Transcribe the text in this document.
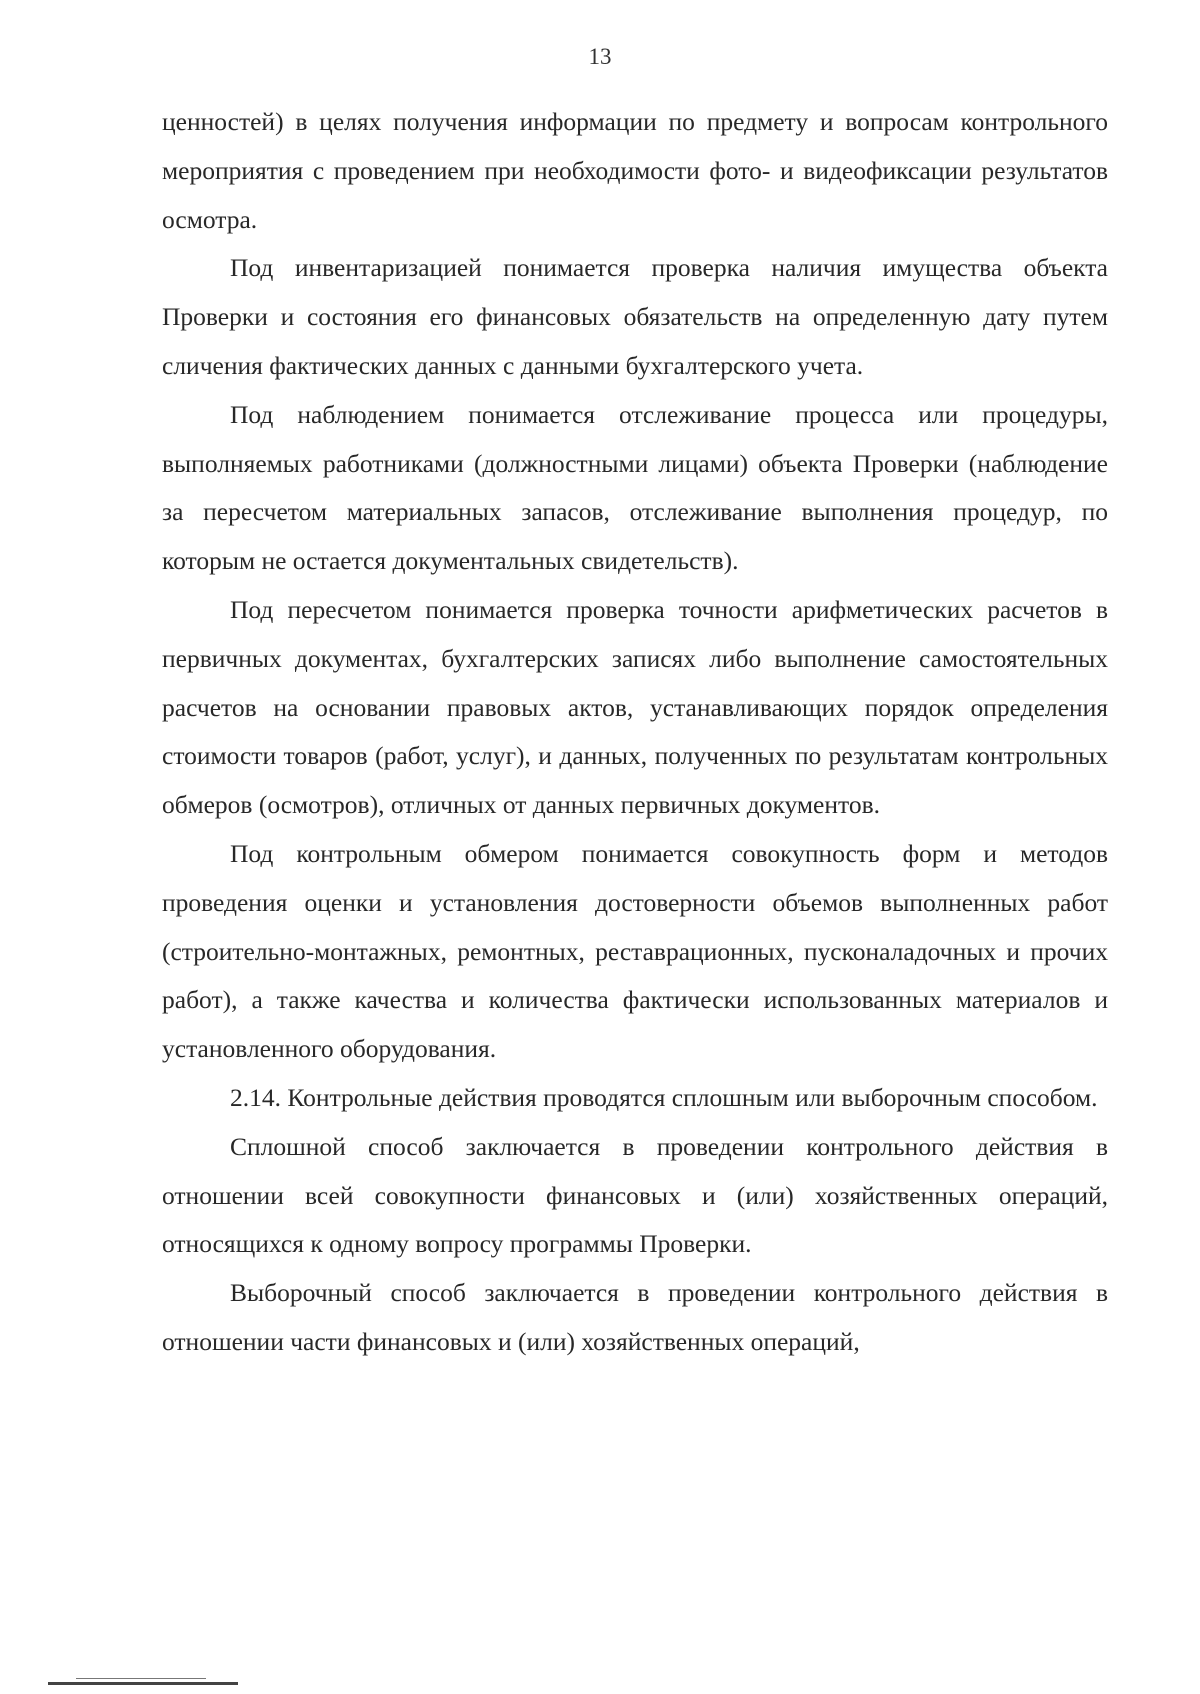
13

ценностей) в целях получения информации по предмету и вопросам контрольного мероприятия с проведением при необходимости фото- и видеофиксации результатов осмотра.

Под инвентаризацией понимается проверка наличия имущества объекта Проверки и состояния его финансовых обязательств на определенную дату путем сличения фактических данных с данными бухгалтерского учета.

Под наблюдением понимается отслеживание процесса или процедуры, выполняемых работниками (должностными лицами) объекта Проверки (наблюдение за пересчетом материальных запасов, отслеживание выполнения процедур, по которым не остается документальных свидетельств).

Под пересчетом понимается проверка точности арифметических расчетов в первичных документах, бухгалтерских записях либо выполнение самостоятельных расчетов на основании правовых актов, устанавливающих порядок определения стоимости товаров (работ, услуг), и данных, полученных по результатам контрольных обмеров (осмотров), отличных от данных первичных документов.

Под контрольным обмером понимается совокупность форм и методов проведения оценки и установления достоверности объемов выполненных работ (строительно-монтажных, ремонтных, реставрационных, пусконаладочных и прочих работ), а также качества и количества фактически использованных материалов и установленного оборудования.

2.14. Контрольные действия проводятся сплошным или выборочным способом.

Сплошной способ заключается в проведении контрольного действия в отношении всей совокупности финансовых и (или) хозяйственных операций, относящихся к одному вопросу программы Проверки.

Выборочный способ заключается в проведении контрольного действия в отношении части финансовых и (или) хозяйственных операций,
